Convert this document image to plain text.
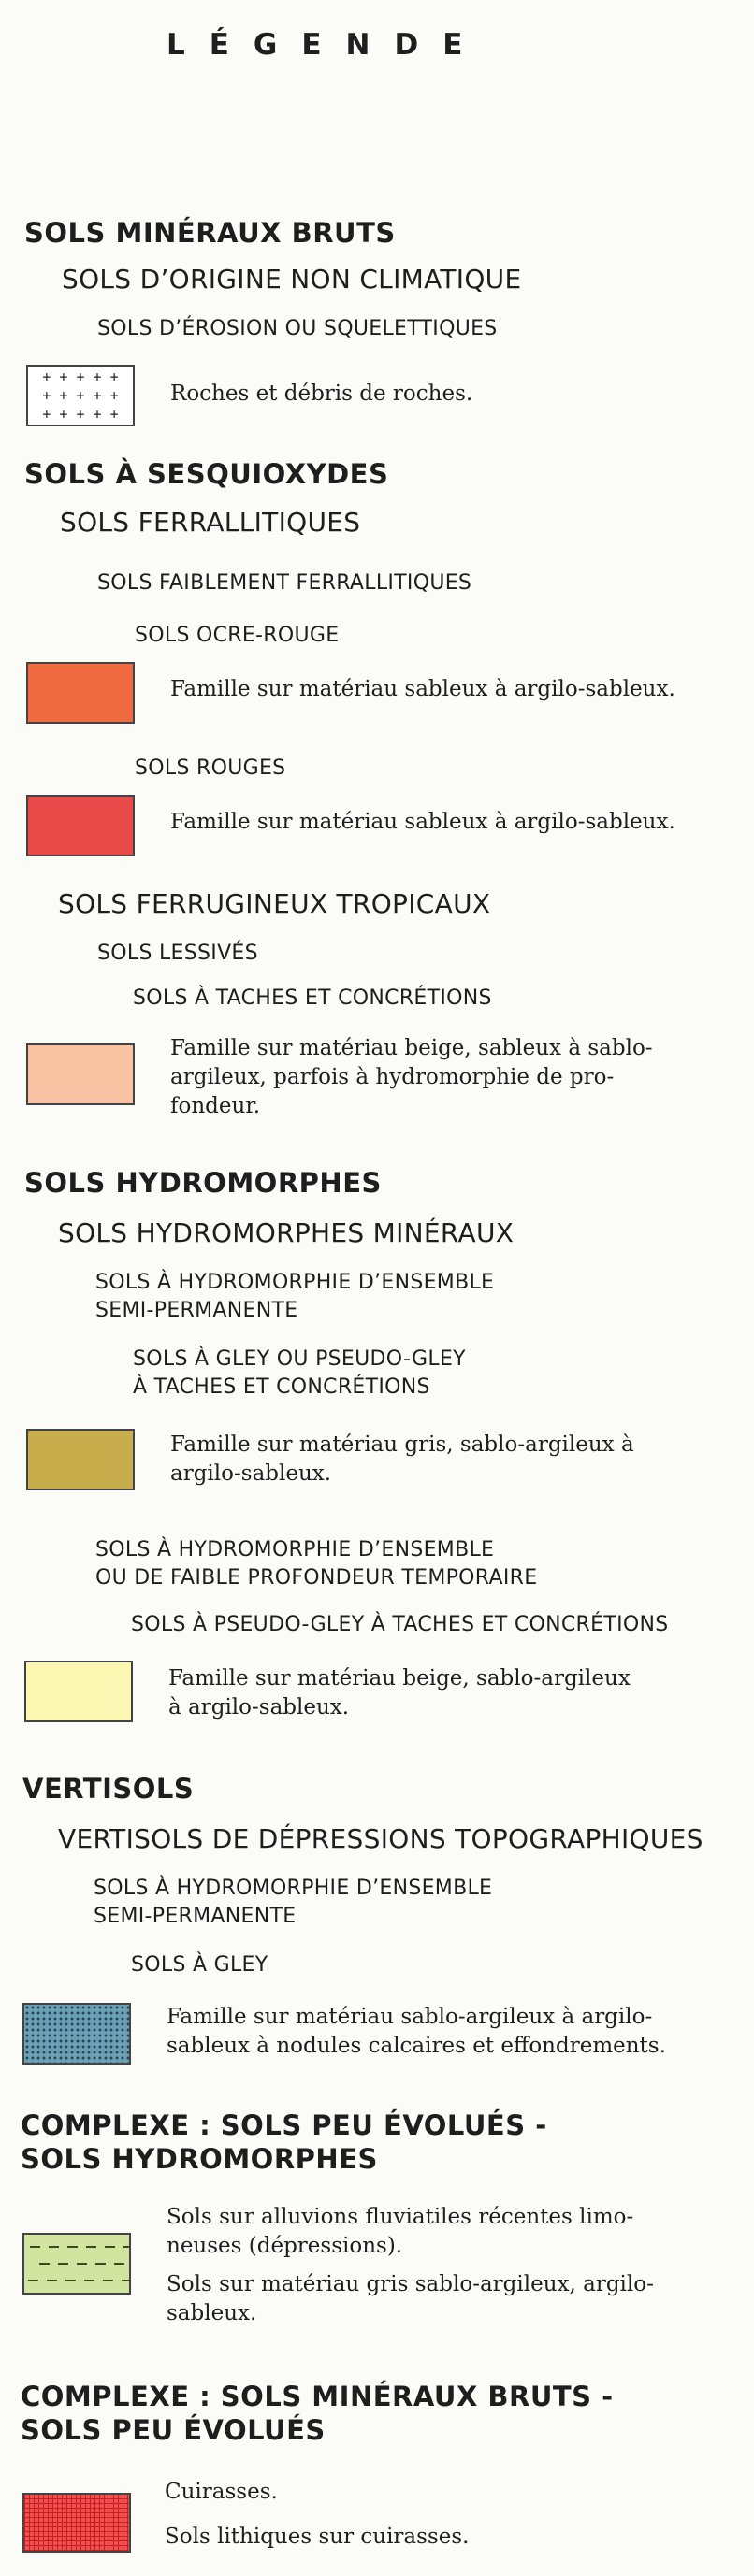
LÉGENDE
SOLS MINÉRAUX BRUTS
SOLS D’ORIGINE NON CLIMATIQUE
SOLS D’ÉROSION OU SQUELETTIQUES
+ + + + +
+ + + + +
+ + + + +
Roches et débris de roches.
SOLS À SESQUIOXYDES
SOLS FERRALLITIQUES
SOLS FAIBLEMENT FERRALLITIQUES
SOLS OCRE-ROUGE
Famille sur matériau sableux à argilo-sableux.
SOLS ROUGES
Famille sur matériau sableux à argilo-sableux.
SOLS FERRUGINEUX TROPICAUX
SOLS LESSIVÉS
SOLS À TACHES ET CONCRÉTIONS
Famille sur matériau beige, sableux à sablo-
argileux, parfois à hydromorphie de pro-
fondeur.
SOLS HYDROMORPHES
SOLS HYDROMORPHES MINÉRAUX
SOLS À HYDROMORPHIE D’ENSEMBLE
SEMI-PERMANENTE
SOLS À GLEY OU PSEUDO-GLEY
À TACHES ET CONCRÉTIONS
Famille sur matériau gris, sablo-argileux à
argilo-sableux.
SOLS À HYDROMORPHIE D’ENSEMBLE
OU DE FAIBLE PROFONDEUR TEMPORAIRE
SOLS À PSEUDO-GLEY À TACHES ET CONCRÉTIONS
Famille sur matériau beige, sablo-argileux
à argilo-sableux.
VERTISOLS
VERTISOLS DE DÉPRESSIONS TOPOGRAPHIQUES
SOLS À HYDROMORPHIE D’ENSEMBLE
SEMI-PERMANENTE
SOLS À GLEY
Famille sur matériau sablo-argileux à argilo-
sableux à nodules calcaires et effondrements.
COMPLEXE : SOLS PEU ÉVOLUÉS -
SOLS HYDROMORPHES
Sols sur alluvions fluviatiles récentes limo-
neuses (dépressions).
Sols sur matériau gris sablo-argileux, argilo-
sableux.
COMPLEXE : SOLS MINÉRAUX BRUTS -
SOLS PEU ÉVOLUÉS
Cuirasses.
Sols lithiques sur cuirasses.
